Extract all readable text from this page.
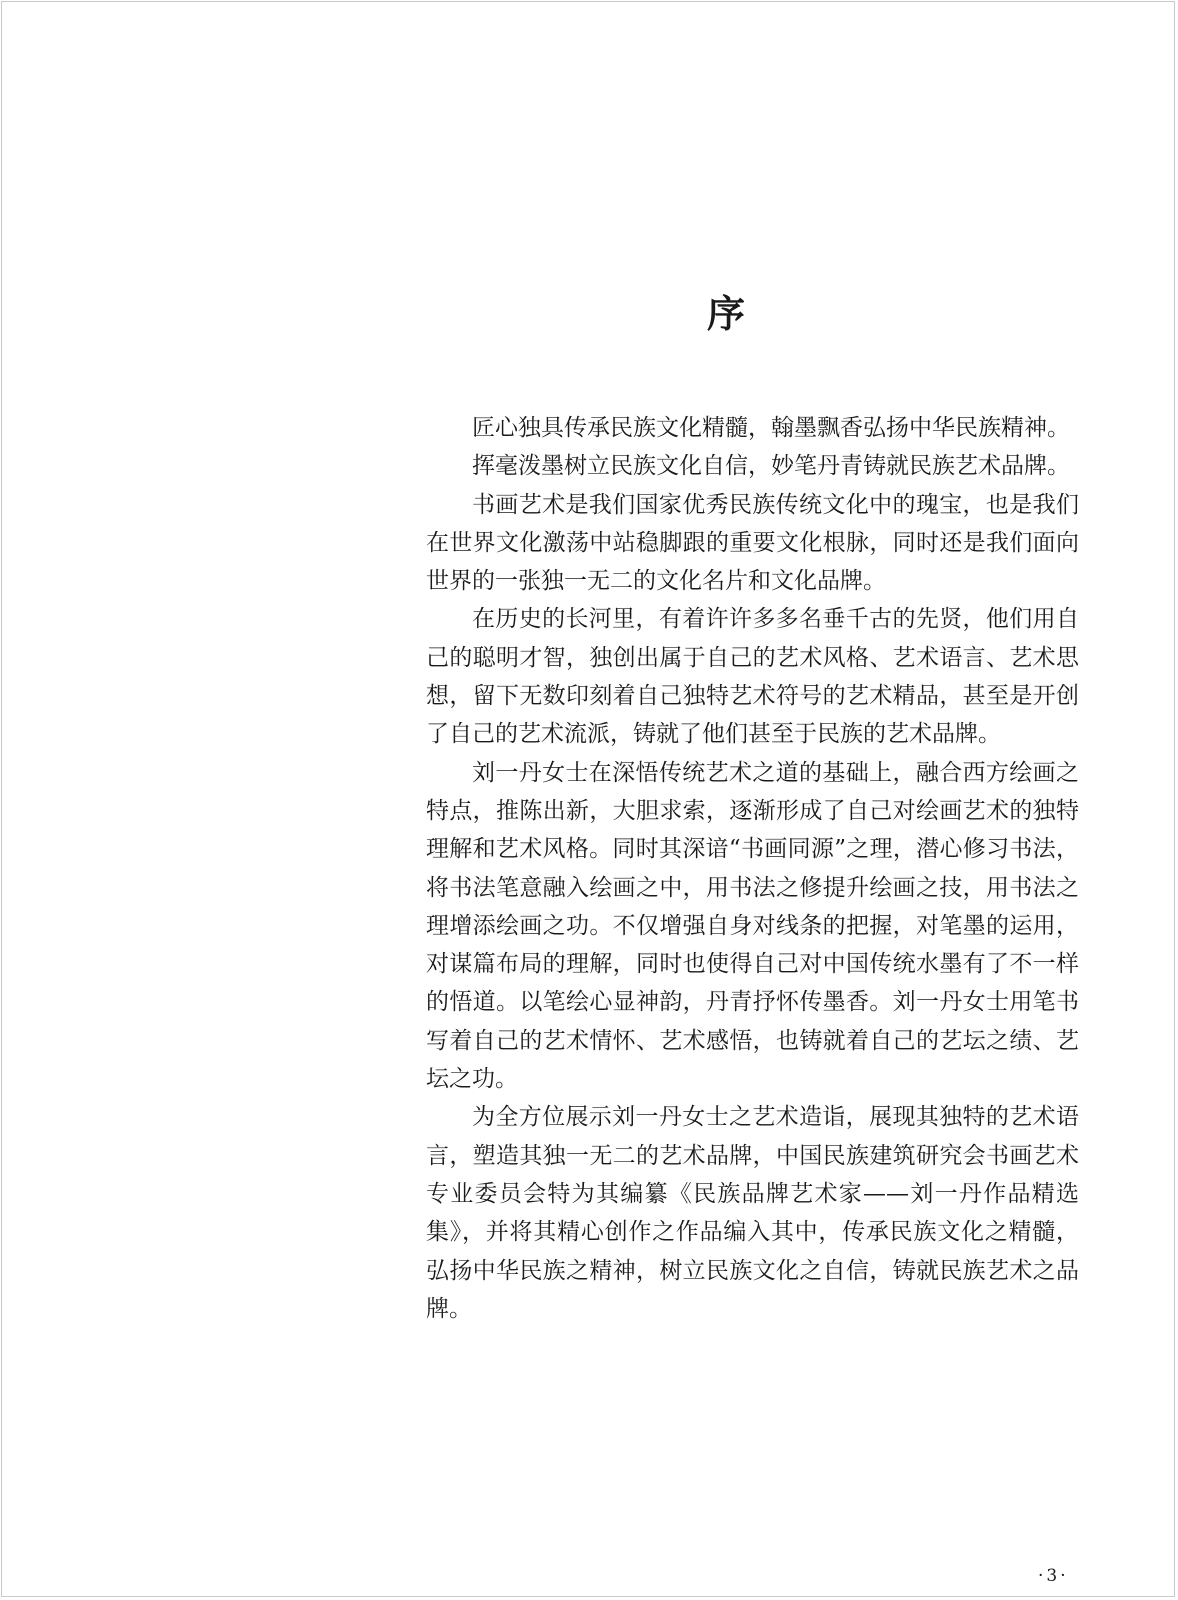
序

匠心独具传承民族文化精髓，翰墨飘香弘扬中华民族精神。

挥毫泼墨树立民族文化自信，妙笔丹青铸就民族艺术品牌。

书画艺术是我们国家优秀民族传统文化中的瑰宝，也是我们在世界文化激荡中站稳脚跟的重要文化根脉，同时还是我们面向世界的一张独一无二的文化名片和文化品牌。

在历史的长河里，有着许许多多名垂千古的先贤，他们用自己的聪明才智，独创出属于自己的艺术风格、艺术语言、艺术思想，留下无数印刻着自己独特艺术符号的艺术精品，甚至是开创了自己的艺术流派，铸就了他们甚至于民族的艺术品牌。

刘一丹女士在深悟传统艺术之道的基础上，融合西方绘画之特点，推陈出新，大胆求索，逐渐形成了自己对绘画艺术的独特理解和艺术风格。同时其深谙“书画同源”之理，潜心修习书法，将书法笔意融入绘画之中，用书法之修提升绘画之技，用书法之理增添绘画之功。不仅增强自身对线条的把握，对笔墨的运用，对谋篇布局的理解，同时也使得自己对中国传统水墨有了不一样的悟道。以笔绘心显神韵，丹青抒怀传墨香。刘一丹女士用笔书写着自己的艺术情怀、艺术感悟，也铸就着自己的艺坛之绩、艺坛之功。

为全方位展示刘一丹女士之艺术造诣，展现其独特的艺术语言，塑造其独一无二的艺术品牌，中国民族建筑研究会书画艺术专业委员会特为其编纂《民族品牌艺术家——刘一丹作品精选集》，并将其精心创作之作品编入其中，传承民族文化之精髓，弘扬中华民族之精神，树立民族文化之自信，铸就民族艺术之品牌。

·3·
